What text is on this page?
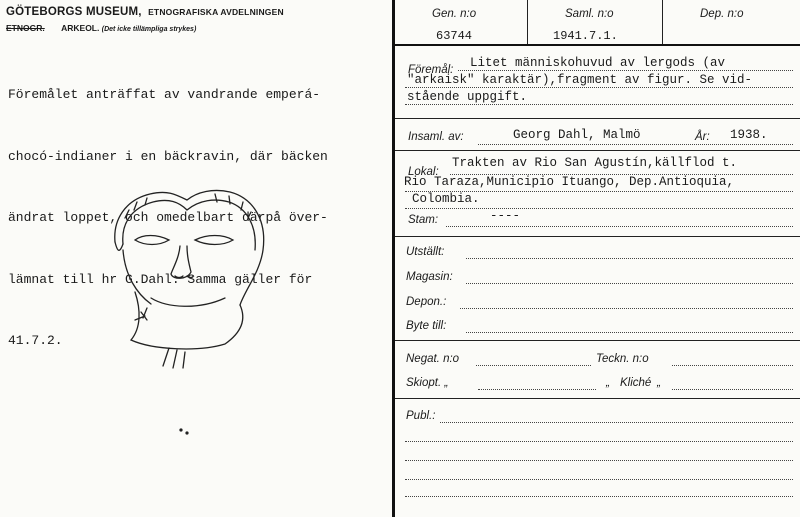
GÖTEBORGS MUSEUM, ETNOGRAFISKA AVDELNINGEN
ETNOGR. ARKEOL. (Det icke tillämpliga strykes)

Föremålet anträffat av vandrande emperá-

chocó-indianer i en bäckravin, där bäcken

ändrat loppet, och omedelbart därpå över-

lämnat till hr G.Dahl. Samma gäller för

41.7.2.

Gen. n:o
63744
Saml. n:o
1941.7.1.
Dep. n:o
Föremål: Litet människohuvud av lergods (av
"arkaisk" karaktär),fragment av figur. Se vid-
stående uppgift.
Insaml. av:	Georg Dahl, Malmö	År: 1938.
Lokal:
Trakten av Rio San Agustín,källflod t.
Rio Taraza,Municipio Ituango, Dep.Antioquia,
Colombia.
Stam:	----
Utställt:
Magasin:
Depon.:
Byte till:
Negat. n:o	Teckn. n:o
Skiopt. „	„ Kliché „
Publ.:
